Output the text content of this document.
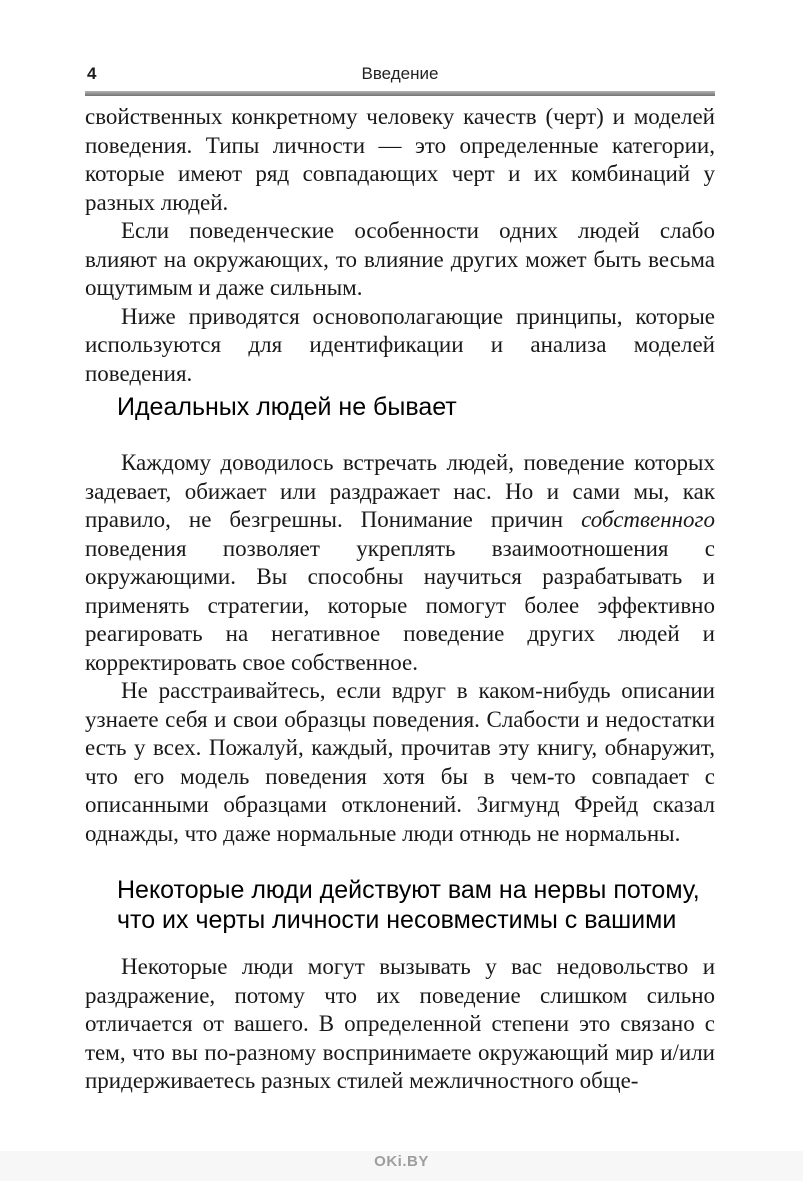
4	Введение

свойственных конкретному человеку качеств (черт) и моделей поведения. Типы личности — это определенные категории, которые имеют ряд совпадающих черт и их комбинаций у разных людей.

Если поведенческие особенности одних людей слабо влияют на окружающих, то влияние других может быть весьма ощутимым и даже сильным.

Ниже приводятся основополагающие принципы, которые используются для идентификации и анализа моделей поведения.

Идеальных людей не бывает

Каждому доводилось встречать людей, поведение которых задевает, обижает или раздражает нас. Но и сами мы, как правило, не безгрешны. Понимание причин собственного поведения позволяет укреплять взаимоотношения с окружающими. Вы способны научиться разрабатывать и применять стратегии, которые помогут более эффективно реагировать на негативное поведение других людей и корректировать свое собственное.

Не расстраивайтесь, если вдруг в каком-нибудь описании узнаете себя и свои образцы поведения. Слабости и недостатки есть у всех. Пожалуй, каждый, прочитав эту книгу, обнаружит, что его модель поведения хотя бы в чем-то совпадает с описанными образцами отклонений. Зигмунд Фрейд сказал однажды, что даже нормальные люди отнюдь не нормальны.

Некоторые люди действуют вам на нервы потому,
что их черты личности несовместимы с вашими

Некоторые люди могут вызывать у вас недовольство и раздражение, потому что их поведение слишком сильно отличается от вашего. В определенной степени это связано с тем, что вы по-разному воспринимаете окружающий мир и/или придерживаетесь разных стилей межличностного обще-

OKi.BY
